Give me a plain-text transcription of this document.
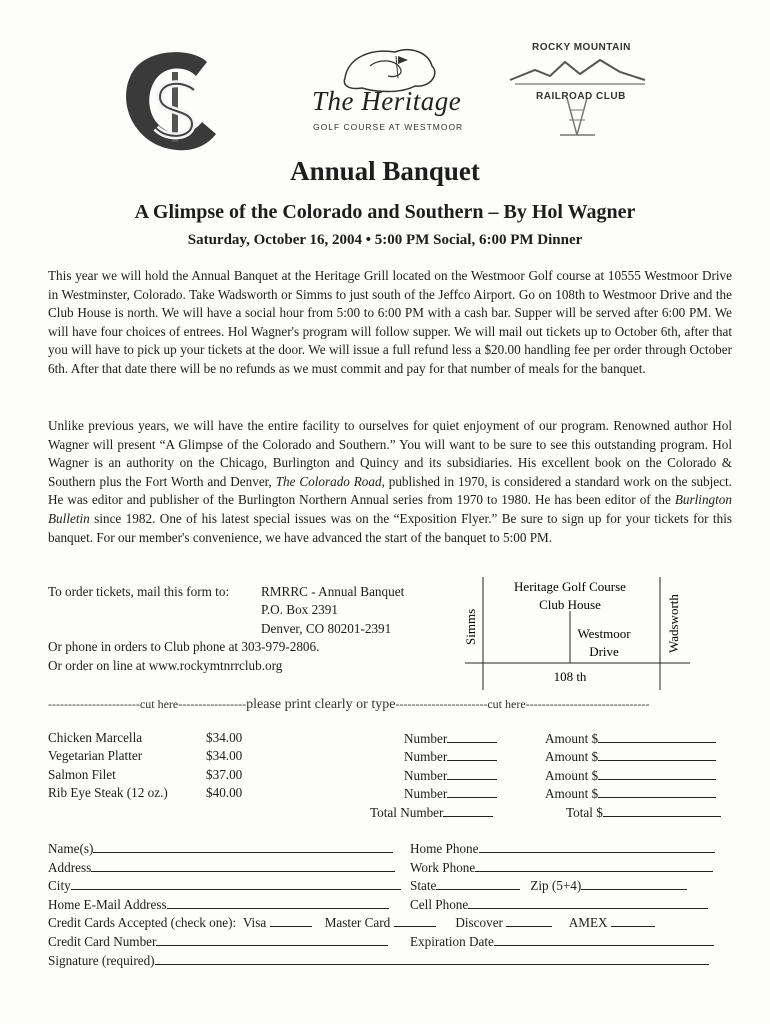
The Heritage
GOLF COURSE AT WESTMOOR
ROCKY MOUNTAIN
RAILROAD CLUB
Annual Banquet
A Glimpse of the Colorado and Southern – By Hol Wagner
Saturday, October 16, 2004 • 5:00 PM Social, 6:00 PM Dinner
This year we will hold the Annual Banquet at the Heritage Grill located on the Westmoor Golf course at 10555 Westmoor Drive in Westminster, Colorado. Take Wadsworth or Simms to just south of the Jeffco Airport. Go on 108th to Westmoor Drive and the Club House is north. We will have a social hour from 5:00 to 6:00 PM with a cash bar. Supper will be served after 6:00 PM. We will have four choices of entrees. Hol Wagner's program will follow supper. We will mail out tickets up to October 6th, after that you will have to pick up your tickets at the door. We will issue a full refund less a $20.00 handling fee per order through October 6th. After that date there will be no refunds as we must commit and pay for that number of meals for the banquet.
Unlike previous years, we will have the entire facility to ourselves for quiet enjoyment of our program. Renowned author Hol Wagner will present “A Glimpse of the Colorado and Southern.” You will want to be sure to see this outstanding program. Hol Wagner is an authority on the Chicago, Burlington and Quincy and its subsidiaries. His excellent book on the Colorado & Southern plus the Fort Worth and Denver, The Colorado Road, published in 1970, is considered a standard work on the subject. He was editor and publisher of the Burlington Northern Annual series from 1970 to 1980. He has been editor of the Burlington Bulletin since 1982. One of his latest special issues was on the “Exposition Flyer.” Be sure to sign up for your tickets for this banquet. For our member's convenience, we have advanced the start of the banquet to 5:00 PM.
To order tickets, mail this form to: RMRRC - Annual Banquet
P.O. Box 2391

Denver, CO 80201-2391

Or phone in orders to Club phone at 303-979-2806.
Or order on line at www.rockymtnrrclub.org
Heritage Golf Course
Club House
Westmoor
Drive
108 th
Simms	Wadsworth
-----------------------cut here-----------------please print clearly or type-----------------------cut here-------------------------------
Chicken Marcella	$34.00	Number	Amount $
Vegetarian Platter	$34.00	Number	Amount $
Salmon Filet	$37.00	Number	Amount $
Rib Eye Steak (12 oz.)	$40.00	Number	Amount $
Total Number	Total $
Name(s)	Home Phone
Address	Work Phone
City	State	Zip (5+4)
Home E-Mail Address	Cell Phone
Credit Cards Accepted (check one): Visa	Master Card	Discover	AMEX
Credit Card Number	Expiration Date
Signature (required)
